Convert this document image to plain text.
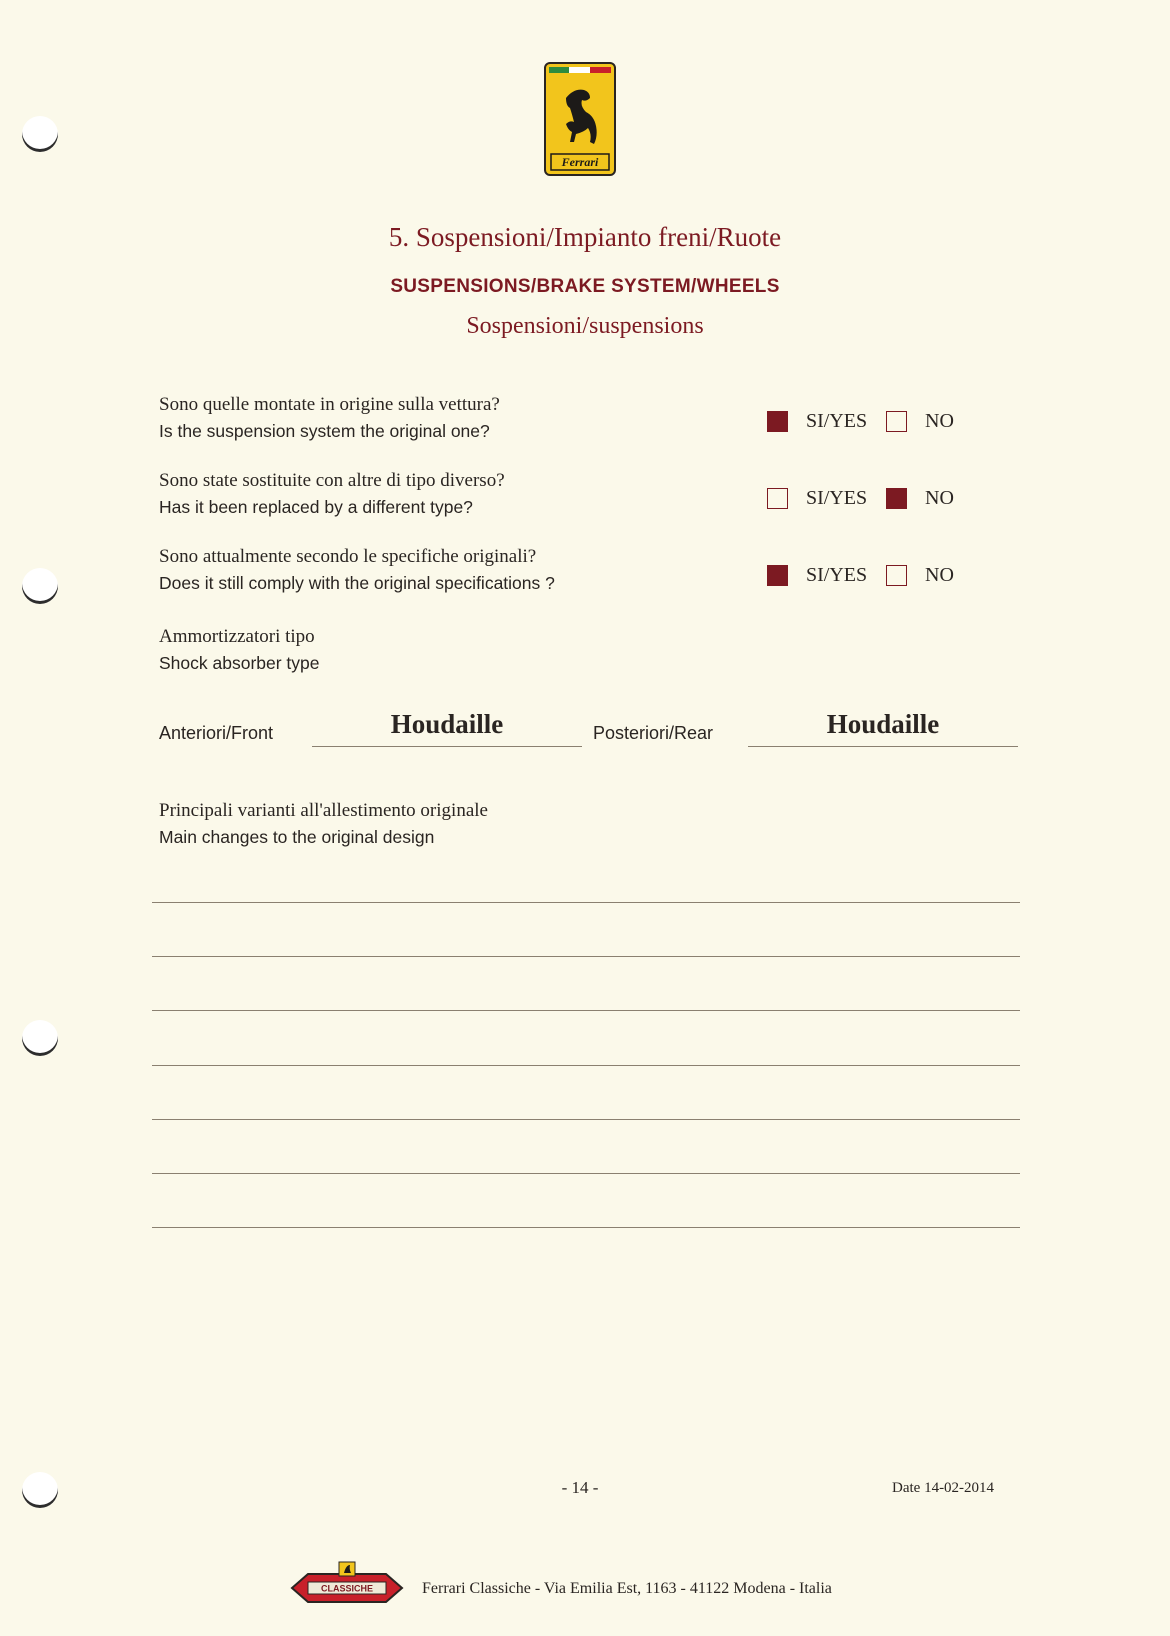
Ferrari
5. Sospensioni/Impianto freni/Ruote
SUSPENSIONS/BRAKE SYSTEM/WHEELS
Sospensioni/suspensions
Sono quelle montate in origine sulla vettura?
Is the suspension system the original one?	SI/YES	NO
Sono state sostituite con altre di tipo diverso?
Has it been replaced by a different type?	SI/YES	NO
Sono attualmente secondo le specifiche originali?
Does it still comply with the original specifications ?	SI/YES	NO
Ammortizzatori tipo
Shock absorber type
Anteriori/Front	Houdaille	Posteriori/Rear	Houdaille
Principali varianti all'allestimento originale
Main changes to the original design
- 14 -	Date 14-02-2014
CLASSICHE	Ferrari Classiche - Via Emilia Est, 1163 - 41122 Modena - Italia
